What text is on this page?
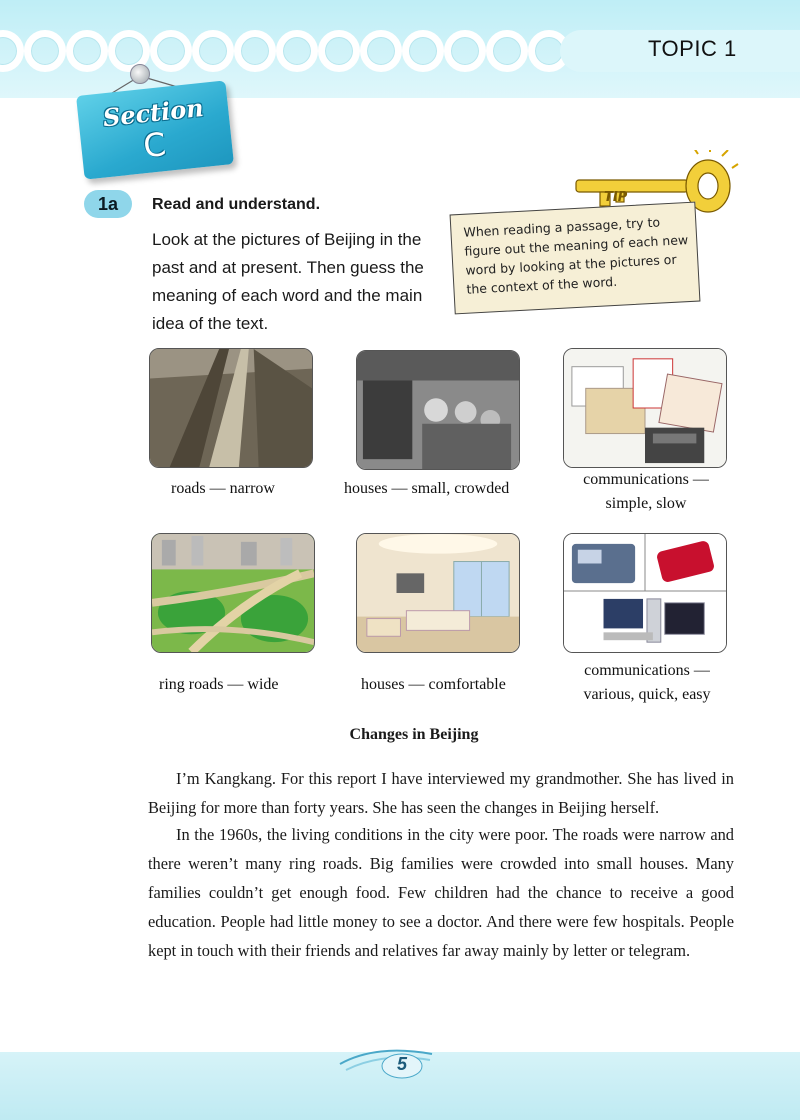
TOPIC 1
Section
C
1a	Read and understand.
Look at the pictures of Beijing in the past and at present. Then guess the meaning of each word and the main idea of the text.
When reading a passage, try to figure out the meaning of each new word by looking at the pictures or the context of the word.
TIP
roads — narrow	houses — small, crowded
communications —
simple, slow
ring roads — wide	houses — comfortable
communications —
various, quick, easy
Changes in Beijing

I’m Kangkang. For this report I have interviewed my grandmother. She has lived in Beijing for more than forty years. She has seen the changes in Beijing herself.

In the 1960s, the living conditions in the city were poor. The roads were narrow and there weren’t many ring roads. Big families were crowded into small houses. Many families couldn’t get enough food. Few children had the chance to receive a good education. People had little money to see a doctor. And there were few hospitals. People kept in touch with their friends and relatives far away mainly by letter or telegram.

5
